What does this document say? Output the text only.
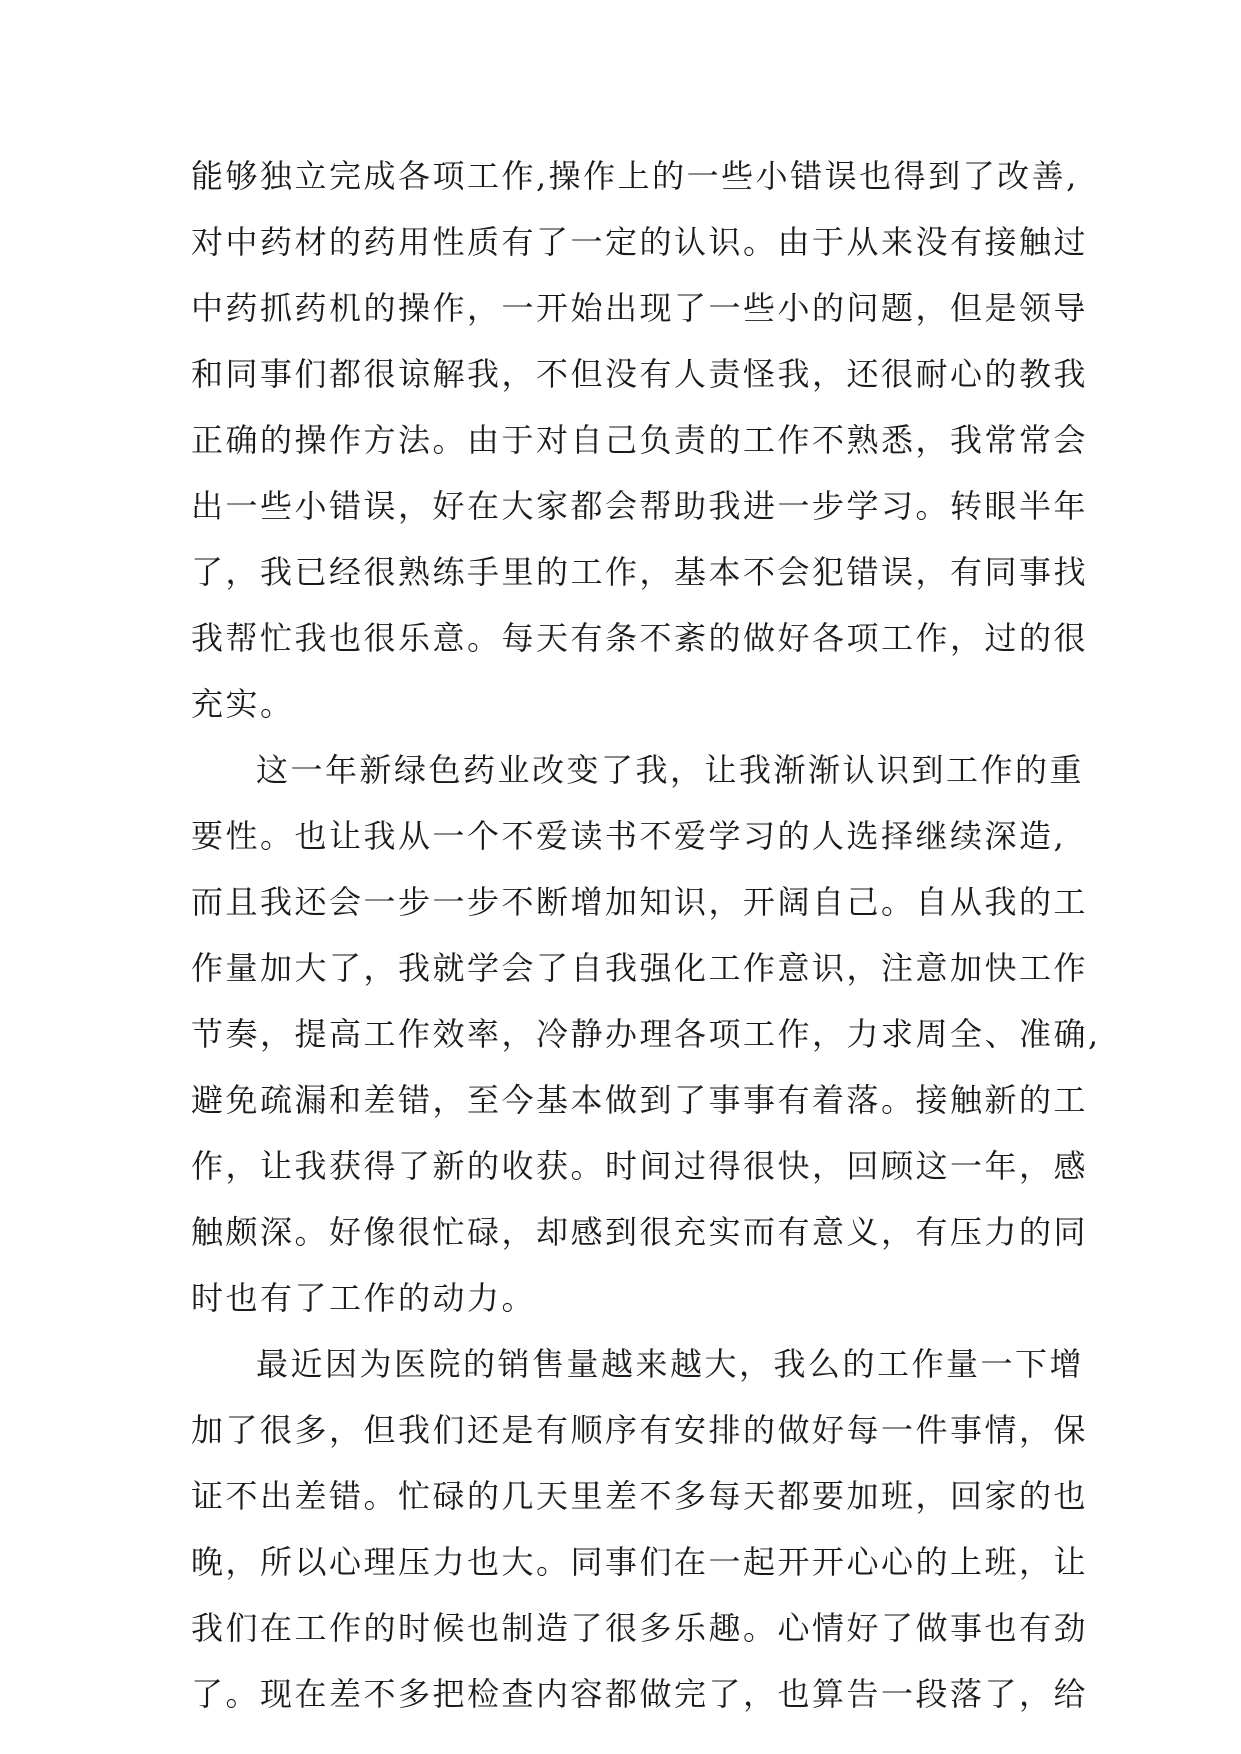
能够独立完成各项工作,操作上的一些小错误也得到了改善,
对中药材的药用性质有了一定的认识。由于从来没有接触过
中药抓药机的操作，一开始出现了一些小的问题，但是领导
和同事们都很谅解我，不但没有人责怪我，还很耐心的教我
正确的操作方法。由于对自己负责的工作不熟悉，我常常会
出一些小错误，好在大家都会帮助我进一步学习。转眼半年
了，我已经很熟练手里的工作，基本不会犯错误，有同事找
我帮忙我也很乐意。每天有条不紊的做好各项工作，过的很
充实。
这一年新绿色药业改变了我，让我渐渐认识到工作的重
要性。也让我从一个不爱读书不爱学习的人选择继续深造,
而且我还会一步一步不断增加知识，开阔自己。自从我的工
作量加大了，我就学会了自我强化工作意识，注意加快工作
节奏，提高工作效率，冷静办理各项工作，力求周全、准确,
避免疏漏和差错，至今基本做到了事事有着落。接触新的工
作，让我获得了新的收获。时间过得很快，回顾这一年，感
触颇深。好像很忙碌，却感到很充实而有意义，有压力的同
时也有了工作的动力。
最近因为医院的销售量越来越大，我么的工作量一下增
加了很多，但我们还是有顺序有安排的做好每一件事情，保
证不出差错。忙碌的几天里差不多每天都要加班，回家的也
晚，所以心理压力也大。同事们在一起开开心心的上班，让
我们在工作的时候也制造了很多乐趣。心情好了做事也有劲
了。现在差不多把检查内容都做完了，也算告一段落了，给
